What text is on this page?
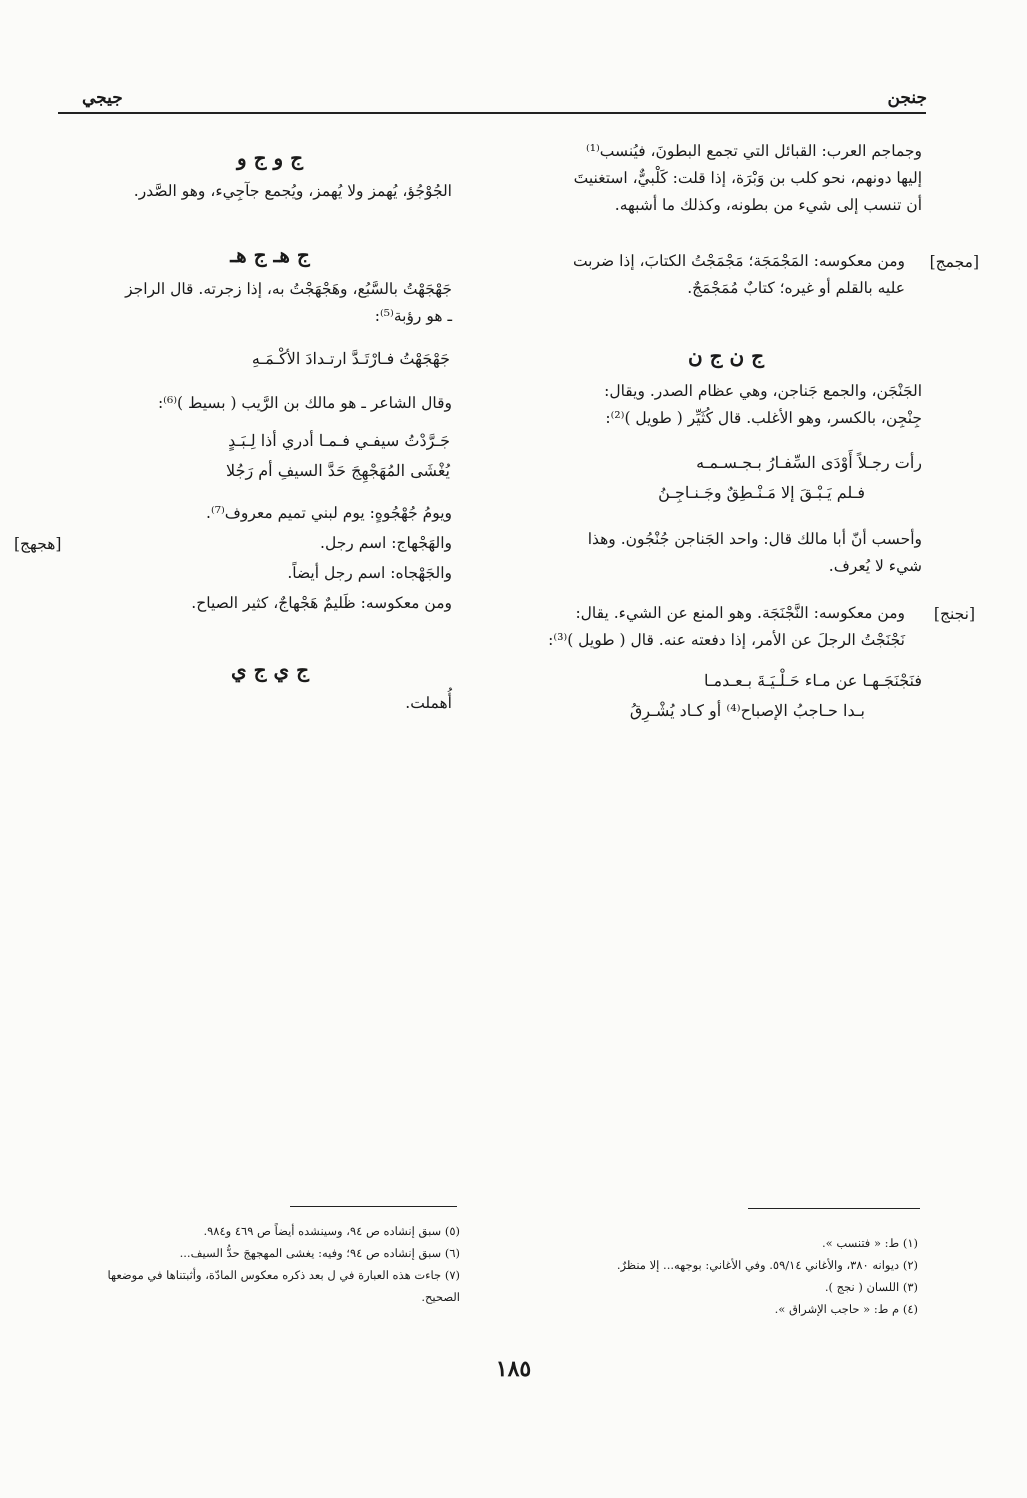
جنجن
جيجي

وجماجم العرب: القبائل التي تجمع البطونَ، فيُنسب⁽¹⁾

إليها دونهم، نحو كلب بن وَبْرَة، إذا قلت: كَلْبيٌّ، استغنيتَ

أن تنسب إلى شيء من بطونه، وكذلك ما أشبهه.

[مجمج]

ومن معكوسه: المَجْمَجَة؛ مَجْمَجْتُ الكتابَ، إذا ضربت

عليه بالقلم أو غيره؛ كتابٌ مُمَجْمَجٌ.

ج ن ج ن

الجَنْجَن، والجمع جَناجن، وهي عظام الصدر. ويقال:

جِنْجِن، بالكسر، وهو الأغلب. قال كُثَيِّر ( طويل )⁽²⁾:

رأت رجـلاً أَوْدَى السِّفـارُ بـجـسـمـه
فـلم يَـبْـقَ إلا مَـنْـطِقٌ وجَـنـاجِـنُ

وأحسب أنّ أبا مالك قال: واحد الجَناجن جُنْجُون. وهذا

شيء لا يُعرف.

[نجنج]

ومن معكوسه: النَّجْنَجَة. وهو المنع عن الشيء. يقال:

نَجْنَجْتُ الرجلَ عن الأمر، إذا دفعته عنه. قال ( طويل )⁽³⁾:

فنَجْنَجَـهـا عن مـاء حَـلْـيَـةَ بـعـدمـا
بـدا حـاجبُ الإصباح⁽⁴⁾ أو كـاد يُشْـرِقُ
ج و ج و
الجُوْجُؤ، يُهمز ولا يُهمز، ويُجمع جآجِيء، وهو الصَّدر.
ج هـ ج هـ

جَهْجَهْتُ بالسَّبُع، وهَجْهَجْتُ به، إذا زجرته. قال الراجز

ـ هو رؤبة⁽⁵⁾:

جَهْجَهْتُ فـارْتَـدَّ ارتـدادَ الأكْـمَـهِ
وقال الشاعر ـ هو مالك بن الرَّيب ( بسيط )⁽⁶⁾:
جَـرَّدْتُ سيفـي فـمـا أدري أذا لِـبَـدٍ
يُغْشَى المُهَجْهِجَ حَدَّ السيفِ أم رَجُلا
ويومُ جُهْجُوهٍ: يوم لبني تميم معروف⁽⁷⁾.
[هجهج]	والهَجْهاج: اسم رجل.
والجَهْجاه: اسم رجل أيضاً.
ومن معكوسه: ظَليمٌ هَجْهاجٌ، كثير الصياح.
ج ي ج ي
أُهملت.

(١) ط: « فتنسب ».

(٢) ديوانه ٣٨٠، والأغاني ٥٩/١٤. وفي الأغاني: بوجهه... إلا منظرٌ.

(٣) اللسان ( نجج ).

(٤) م ط: « حاجب الإشراق ».

(٥) سبق إنشاده ص ٩٤، وسينشده أيضاً ص ٤٦٩ و٩٨٤.

(٦) سبق إنشاده ص ٩٤؛ وفيه: يغشى المهجهجَ حدُّ السيف...

(٧) جاءت هذه العبارة في ل بعد ذكره معكوس المادّة، وأثبتناها في موضعها

الصحيح.

١٨٥
